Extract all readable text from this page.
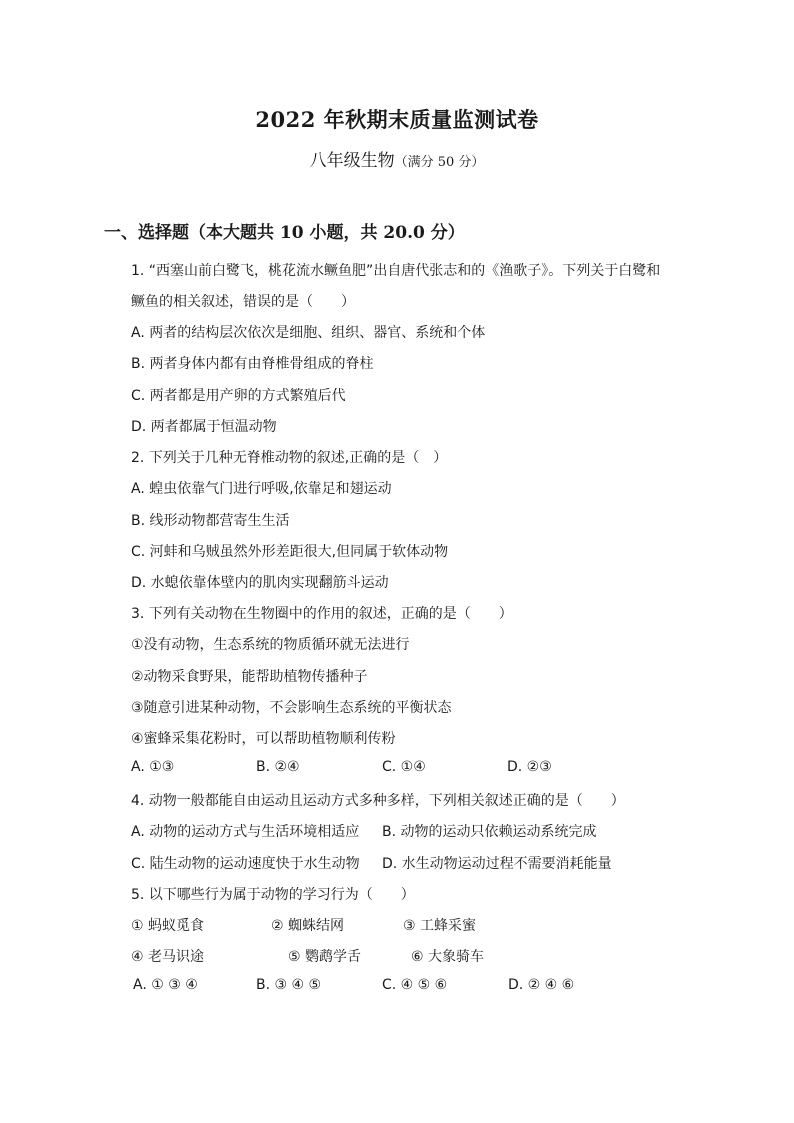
2022 年秋期末质量监测试卷
八年级生物（满分 50 分）
一、选择题（本大题共 10 小题，共 20.0 分）
1. “西塞山前白鹭飞，桃花流水鳜鱼肥”出自唐代张志和的《渔歌子》。下列关于白鹭和
鳜鱼的相关叙述，错误的是（　　）
A. 两者的结构层次依次是细胞、组织、器官、系统和个体
B. 两者身体内都有由脊椎骨组成的脊柱
C. 两者都是用产卵的方式繁殖后代
D. 两者都属于恒温动物
2. 下列关于几种无脊椎动物的叙述,正确的是（　）
A. 蝗虫依靠气门进行呼吸,依靠足和翅运动
B. 线形动物都营寄生生活
C. 河蚌和乌贼虽然外形差距很大,但同属于软体动物
D. 水螅依靠体壁内的肌肉实现翻筋斗运动
3. 下列有关动物在生物圈中的作用的叙述，正确的是（　　）
①没有动物，生态系统的物质循环就无法进行
②动物采食野果，能帮助植物传播种子
③随意引进某种动物，不会影响生态系统的平衡状态
④蜜蜂采集花粉时，可以帮助植物顺利传粉
A. ①③	B. ②④	C. ①④	D. ②③
4. 动物一般都能自由运动且运动方式多种多样，下列相关叙述正确的是（　　）
A. 动物的运动方式与生活环境相适应 B. 动物的运动只依赖运动系统完成
C. 陆生动物的运动速度快于水生动物 D. 水生动物运动过程不需要消耗能量
5. 以下哪些行为属于动物的学习行为（　　）
① 蚂蚁觅食	② 蜘蛛结网	③ 工蜂采蜜
④ 老马识途	⑤ 鹦鹉学舌	⑥ 大象骑车
A. ① ③ ④	B. ③ ④ ⑤	C. ④ ⑤ ⑥	D. ② ④ ⑥
